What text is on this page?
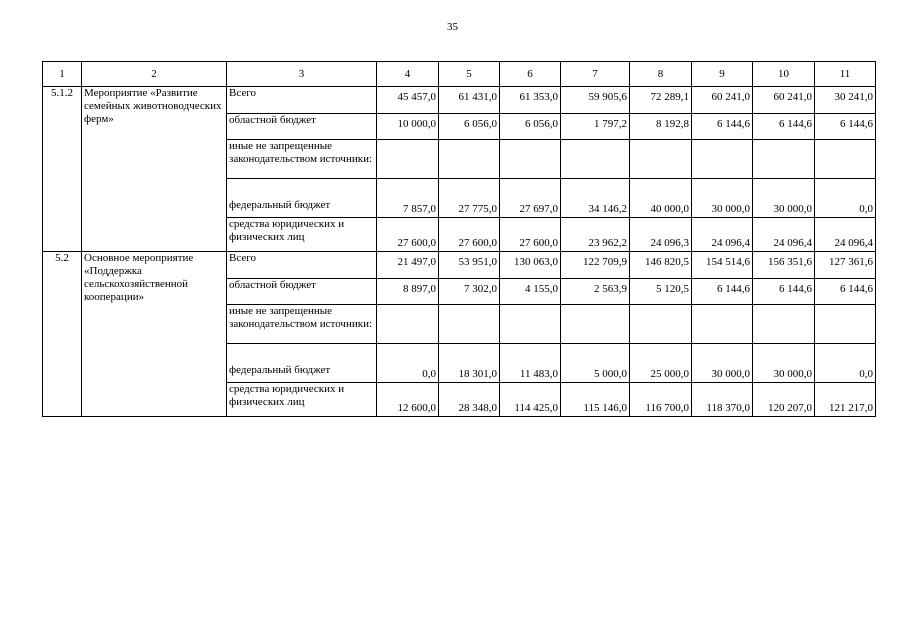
35
1	2	3	4	5	6	7	8	9	10	11
5.1.2	Мероприятие «Развитие семейных животноводческих ферм»	Всего	45 457,0	61 431,0	61 353,0	59 905,6	72 289,1	60 241,0	60 241,0	30 241,0

		областной бюджет	10 000,0	6 056,0	6 056,0	1 797,2	8 192,8	6 144,6	6 144,6	6 144,6

		иные не запрещенные законодательством источники:								

		федеральный бюджет	7 857,0	27 775,0	27 697,0	34 146,2	40 000,0	30 000,0	30 000,0	0,0

		средства юридических и физических лиц	27 600,0	27 600,0	27 600,0	23 962,2	24 096,3	24 096,4	24 096,4	24 096,4
5.2	Основное мероприятие «Поддержка сельскохозяйственной кооперации»	Всего	21 497,0	53 951,0	130 063,0	122 709,9	146 820,5	154 514,6	156 351,6	127 361,6

		областной бюджет	8 897,0	7 302,0	4 155,0	2 563,9	5 120,5	6 144,6	6 144,6	6 144,6

		иные не запрещенные законодательством источники:								

		федеральный бюджет	0,0	18 301,0	11 483,0	5 000,0	25 000,0	30 000,0	30 000,0	0,0

		средства юридических и физических лиц	12 600,0	28 348,0	114 425,0	115 146,0	116 700,0	118 370,0	120 207,0	121 217,0
